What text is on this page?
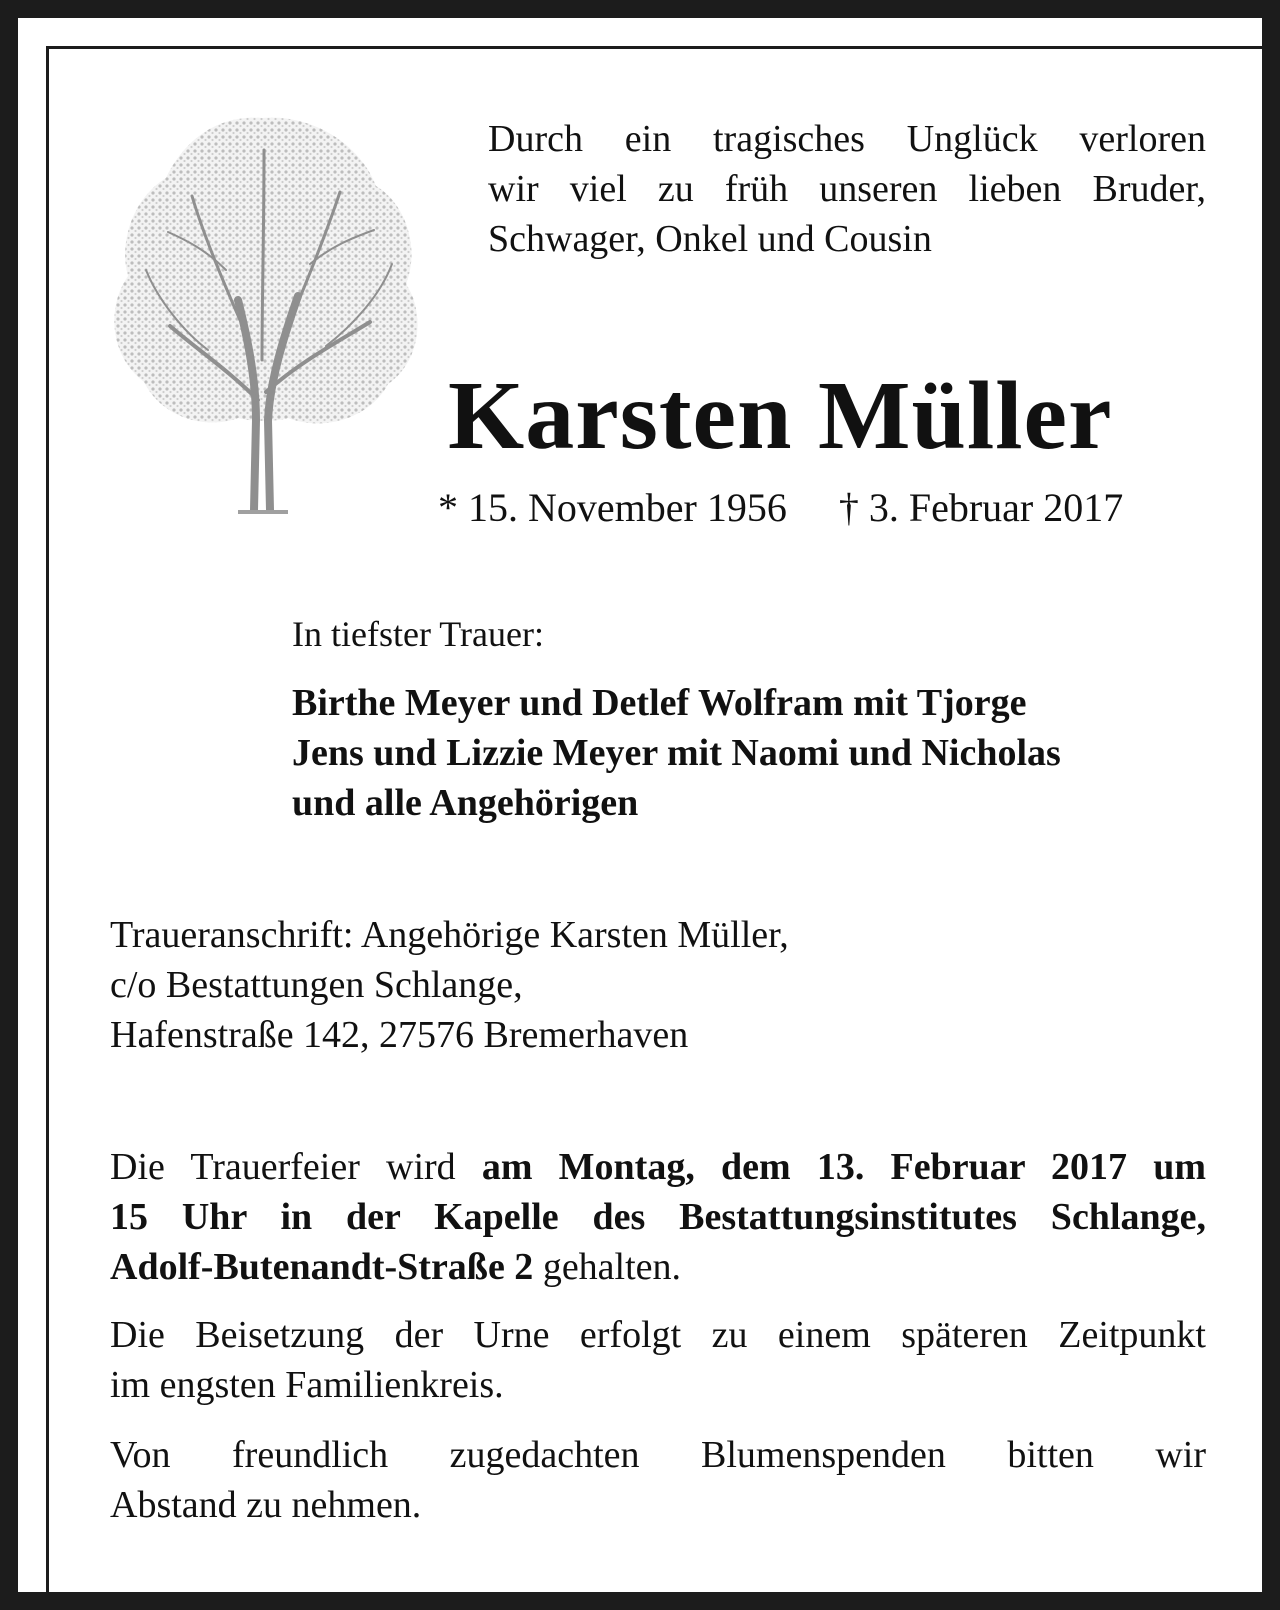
Durch ein tragisches Unglück verloren
wir viel zu früh unseren lieben Bruder,
Schwager, Onkel und Cousin
Karsten Müller
* 15. November 1956 † 3. Februar 2017
In tiefster Trauer:
Birthe Meyer und Detlef Wolfram mit Tjorge
Jens und Lizzie Meyer mit Naomi und Nicholas
und alle Angehörigen
Traueranschrift: Angehörige Karsten Müller,
c/o Bestattungen Schlange,
Hafenstraße 142, 27576 Bremerhaven
Die Trauerfeier wird am Montag, dem 13. Februar 2017 um
15 Uhr in der Kapelle des Bestattungsinstitutes Schlange,
Adolf-Butenandt-Straße 2 gehalten.
Die Beisetzung der Urne erfolgt zu einem späteren Zeitpunkt
im engsten Familienkreis.
Von freundlich zugedachten Blumenspenden bitten wir
Abstand zu nehmen.
